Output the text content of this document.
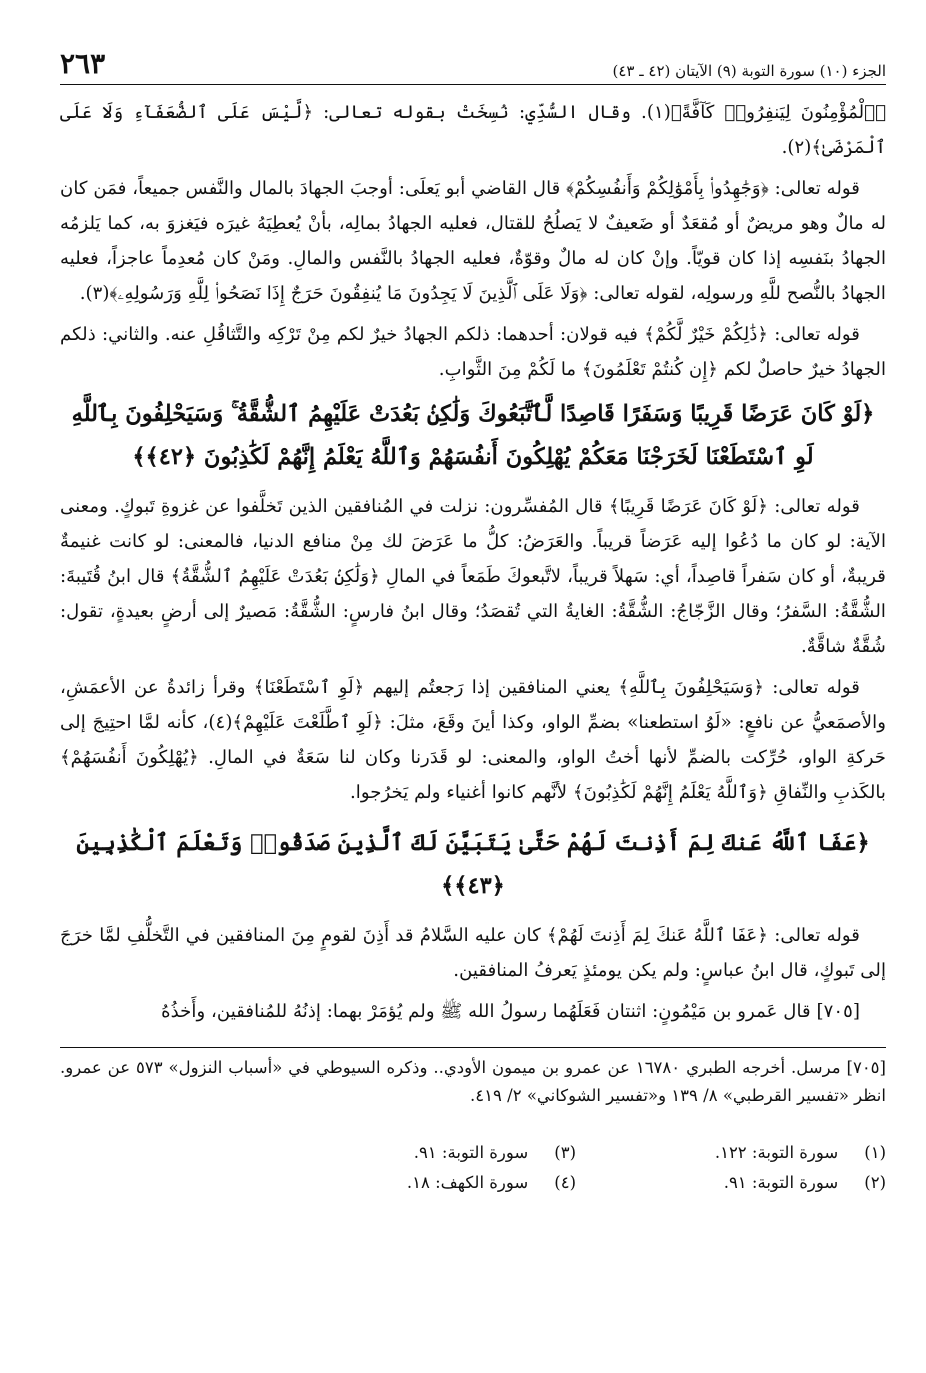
الجزء (١٠) سورة التوبة (٩) الآيتان (٤٢ ـ ٤٣)
٢٦٣

﴿ٱلْمُؤْمِنُونَ لِيَنفِرُوا۟ كَآفَّةً﴾(١). وقال السُّدِّي: نُسِخَتْ بقوله تعالى: ﴿لَّيْسَ عَلَى ٱلضُّعَفَآءِ وَلَا عَلَى ٱلْمَرْضَىٰ﴾(٢).

قوله تعالى: ﴿وَجَٰهِدُوا۟ بِأَمْوَٰلِكُمْ وَأَنفُسِكُمْ﴾ قال القاضي أبو يَعلَى: أوجبَ الجهادَ بالمال والنَّفس جميعاً، فمَن كان له مالٌ وهو مريضٌ أو مُقعَدٌ أو ضَعيفٌ لا يَصلُحُ للقتال، فعليه الجهادُ بمالِه، بأنْ يُعطِيَهُ غيرَه فيَغزوَ به، كما يَلزمُه الجهادُ بنَفسِه إذا كان قويّاً. وإنْ كان له مالٌ وقوّةٌ، فعليه الجهادُ بالنَّفس والمالِ. ومَنْ كان مُعدِماً عاجزاً، فعليه الجهادُ بالنُّصح للَّهِ ورسولِه، لقوله تعالى: ﴿وَلَا عَلَى ٱلَّذِينَ لَا يَجِدُونَ مَا يُنفِقُونَ حَرَجٌ إِذَا نَصَحُوا۟ لِلَّهِ وَرَسُولِهِۦ﴾(٣).

قوله تعالى: ﴿ذَٰلِكُمْ خَيْرٌ لَّكُمْ﴾ فيه قولان: أحدهما: ذلكم الجهادُ خيرٌ لكم مِنْ تَرْكِه والتَّثاقُلِ عنه. والثاني: ذلكم الجهادُ خيرٌ حاصلٌ لكم ﴿إِن كُنتُمْ تَعْلَمُونَ﴾ ما لَكُمْ مِنَ الثَّوابِ.

﴿لَوْ كَانَ عَرَضًا قَرِيبًا وَسَفَرًا قَاصِدًا لَّٱتَّبَعُوكَ وَلَٰكِنۢ بَعُدَتْ عَلَيْهِمُ ٱلشُّقَّةُ ۚ وَسَيَحْلِفُونَ بِٱللَّهِ لَوِ ٱسْتَطَعْنَا لَخَرَجْنَا مَعَكُمْ يُهْلِكُونَ أَنفُسَهُمْ وَٱللَّهُ يَعْلَمُ إِنَّهُمْ لَكَٰذِبُونَ ﴿٤٢﴾﴾

قوله تعالى: ﴿لَوْ كَانَ عَرَضًا قَرِيبًا﴾ قال المُفسِّرون: نزلت في المُنافقين الذين تَخلَّفوا عن غزوةِ تَبوكٍ. ومعنى الآية: لو كان ما دُعُوا إليه عَرَضاً قريباً. والعَرَضُ: كلُّ ما عَرَضَ لك مِنْ منافع الدنيا، فالمعنى: لو كانت غنيمةٌ قريبةٌ، أو كان سَفراً قاصِداً، أي: سَهلاً قريباً، لاتَّبعوكَ طَمَعاً في المالِ ﴿وَلَٰكِنۢ بَعُدَتْ عَلَيْهِمُ ٱلشُّقَّةُ﴾ قال ابنُ قُتَيبةَ: الشُّقَّةُ: السَّفرُ؛ وقال الزَّجّاجُ: الشُّقَّةُ: الغايةُ التي تُقصَدُ؛ وقال ابنُ فارسٍ: الشُّقَّةُ: مَصيرٌ إلى أرضٍ بعيدةٍ، تقول: شُقَّةٌ شاقَّةٌ.

قوله تعالى: ﴿وَسَيَحْلِفُونَ بِٱللَّهِ﴾ يعني المنافقين إذا رَجعتُم إليهم ﴿لَوِ ٱسْتَطَعْنَا﴾ وقرأ زائدةُ عن الأعمَشِ، والأصمَعيُّ عن نافعٍ: «لَوُ استطعنا» بضمِّ الواو، وكذا أينَ وقَعَ، مثلَ: ﴿لَوِ ٱطَّلَعْتَ عَلَيْهِمْ﴾(٤)، كأنه لمَّا احتِيجَ إلى حَركةِ الواو، حُرِّكت بالضمِّ لأنها أختُ الواو، والمعنى: لو قَدَرنا وكان لنا سَعَةٌ في المالِ. ﴿يُهْلِكُونَ أَنفُسَهُمْ﴾ بالكَذبِ والنِّفاقِ ﴿وَٱللَّهُ يَعْلَمُ إِنَّهُمْ لَكَٰذِبُونَ﴾ لأنَّهم كانوا أغنياء ولم يَخرُجوا.

﴿عَفَا ٱللَّهُ عَنكَ لِمَ أَذِنتَ لَهُمْ حَتَّىٰ يَتَبَيَّنَ لَكَ ٱلَّذِينَ صَدَقُوا۟ وَتَعْلَمَ ٱلْكَٰذِبِينَ ﴿٤٣﴾﴾

قوله تعالى: ﴿عَفَا ٱللَّهُ عَنكَ لِمَ أَذِنتَ لَهُمْ﴾ كان عليه السَّلامُ قد أَذِنَ لقومٍ مِنَ المنافقين في التَّخلُّفِ لمَّا خرَجَ إلى تَبوكٍ، قال ابنُ عباسٍ: ولم يكن يومئذٍ يَعرفُ المنافقين.

[٧٠٥] قال عَمرو بن مَيْمُونٍ: اثنتان فَعَلَهُما رسولُ الله ﷺ ولم يُؤمَرْ بهما: إذنُهُ للمُنافقين، وأَخذُهُ

[٧٠٥] مرسل. أخرجه الطبري ١٦٧٨٠ عن عمرو بن ميمون الأودي.. وذكره السيوطي في «أسباب النزول» ٥٧٣ عن عمرو. انظر «تفسير القرطبي» ٨/ ١٣٩ و«تفسير الشوكاني» ٢/ ٤١٩.

(١)
سورة التوبة: ١٢٢.
(٣)
سورة التوبة: ٩١.
(٢)
سورة التوبة: ٩١.
(٤)
سورة الكهف: ١٨.
